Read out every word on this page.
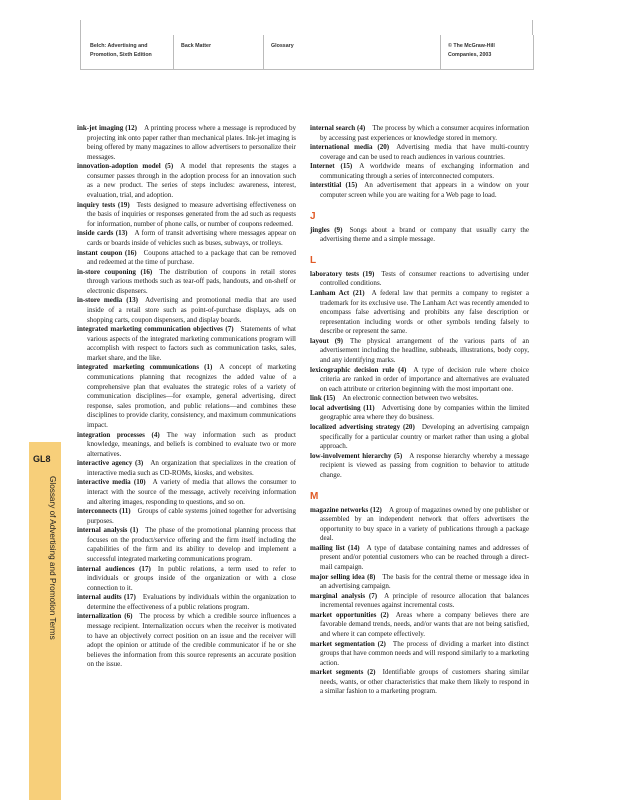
Belch: Advertising and
Promotion, Sixth Edition
Back Matter	Glossary	© The McGraw-Hill
Companies, 2003
GL8
Glossary of Advertising and Promotion Terms

ink-jet imaging (12)  A printing process where a message is reproduced by projecting ink onto paper rather than mechanical plates. Ink-jet imaging is being offered by many magazines to allow advertisers to personalize their messages.

innovation-adoption model (5)  A model that represents the stages a consumer passes through in the adoption process for an innovation such as a new product. The series of steps includes: awareness, interest, evaluation, trial, and adoption.

inquiry tests (19)  Tests designed to measure advertising effectiveness on the basis of inquiries or responses generated from the ad such as requests for information, number of phone calls, or number of coupons redeemed.

inside cards (13)  A form of transit advertising where messages appear on cards or boards inside of vehicles such as buses, subways, or trolleys.

instant coupon (16)  Coupons attached to a package that can be removed and redeemed at the time of purchase.

in-store couponing (16)  The distribution of coupons in retail stores through various methods such as tear-off pads, handouts, and on-shelf or electronic dispensers.

in-store media (13)  Advertising and promotional media that are used inside of a retail store such as point-of-purchase displays, ads on shopping carts, coupon dispensers, and display boards.

integrated marketing communication objectives (7)  Statements of what various aspects of the integrated marketing communications program will accomplish with respect to factors such as communication tasks, sales, market share, and the like.

integrated marketing communications (1)  A concept of marketing communications planning that recognizes the added value of a comprehensive plan that evaluates the strategic roles of a variety of communication disciplines—for example, general advertising, direct response, sales promotion, and public relations—and combines these disciplines to provide clarity, consistency, and maximum communications impact.

integration processes (4)  The way information such as product knowledge, meanings, and beliefs is combined to evaluate two or more alternatives.

interactive agency (3)  An organization that specializes in the creation of interactive media such as CD-ROMs, kiosks, and websites.

interactive media (10)  A variety of media that allows the consumer to interact with the source of the message, actively receiving information and altering images, responding to questions, and so on.

interconnects (11)  Groups of cable systems joined together for advertising purposes.

internal analysis (1)  The phase of the promotional planning process that focuses on the product/service offering and the firm itself including the capabilities of the firm and its ability to develop and implement a successful integrated marketing communications program.

internal audiences (17)  In public relations, a term used to refer to individuals or groups inside of the organization or with a close connection to it.

internal audits (17)  Evaluations by individuals within the organization to determine the effectiveness of a public relations program.

internalization (6)  The process by which a credible source influences a message recipient. Internalization occurs when the receiver is motivated to have an objectively correct position on an issue and the receiver will adopt the opinion or attitude of the credible communicator if he or she believes the information from this source represents an accurate position on the issue.

internal search (4)  The process by which a consumer acquires information by accessing past experiences or knowledge stored in memory.

international media (20)  Advertising media that have multi-country coverage and can be used to reach audiences in various countries.

Internet (15)  A worldwide means of exchanging information and communicating through a series of interconnected computers.

interstitial (15)  An advertisement that appears in a window on your computer screen while you are waiting for a Web page to load.

J

jingles (9)  Songs about a brand or company that usually carry the advertising theme and a simple message.

L

laboratory tests (19)  Tests of consumer reactions to advertising under controlled conditions.

Lanham Act (21)  A federal law that permits a company to register a trademark for its exclusive use. The Lanham Act was recently amended to encompass false advertising and prohibits any false description or representation including words or other symbols tending falsely to describe or represent the same.

layout (9)  The physical arrangement of the various parts of an advertisement including the headline, subheads, illustrations, body copy, and any identifying marks.

lexicographic decision rule (4)  A type of decision rule where choice criteria are ranked in order of importance and alternatives are evaluated on each attribute or criterion beginning with the most important one.

link (15)  An electronic connection between two websites.

local advertising (11)  Advertising done by companies within the limited geographic area where they do business.

localized advertising strategy (20)  Developing an advertising campaign specifically for a particular country or market rather than using a global approach.

low-involvement hierarchy (5)  A response hierarchy whereby a message recipient is viewed as passing from cognition to behavior to attitude change.

M

magazine networks (12)  A group of magazines owned by one publisher or assembled by an independent network that offers advertisers the opportunity to buy space in a variety of publications through a package deal.

mailing list (14)  A type of database containing names and addresses of present and/or potential customers who can be reached through a direct-mail campaign.

major selling idea (8)  The basis for the central theme or message idea in an advertising campaign.

marginal analysis (7)  A principle of resource allocation that balances incremental revenues against incremental costs.

market opportunities (2)  Areas where a company believes there are favorable demand trends, needs, and/or wants that are not being satisfied, and where it can compete effectively.

market segmentation (2)  The process of dividing a market into distinct groups that have common needs and will respond similarly to a marketing action.

market segments (2)  Identifiable groups of customers sharing similar needs, wants, or other characteristics that make them likely to respond in a similar fashion to a marketing program.
